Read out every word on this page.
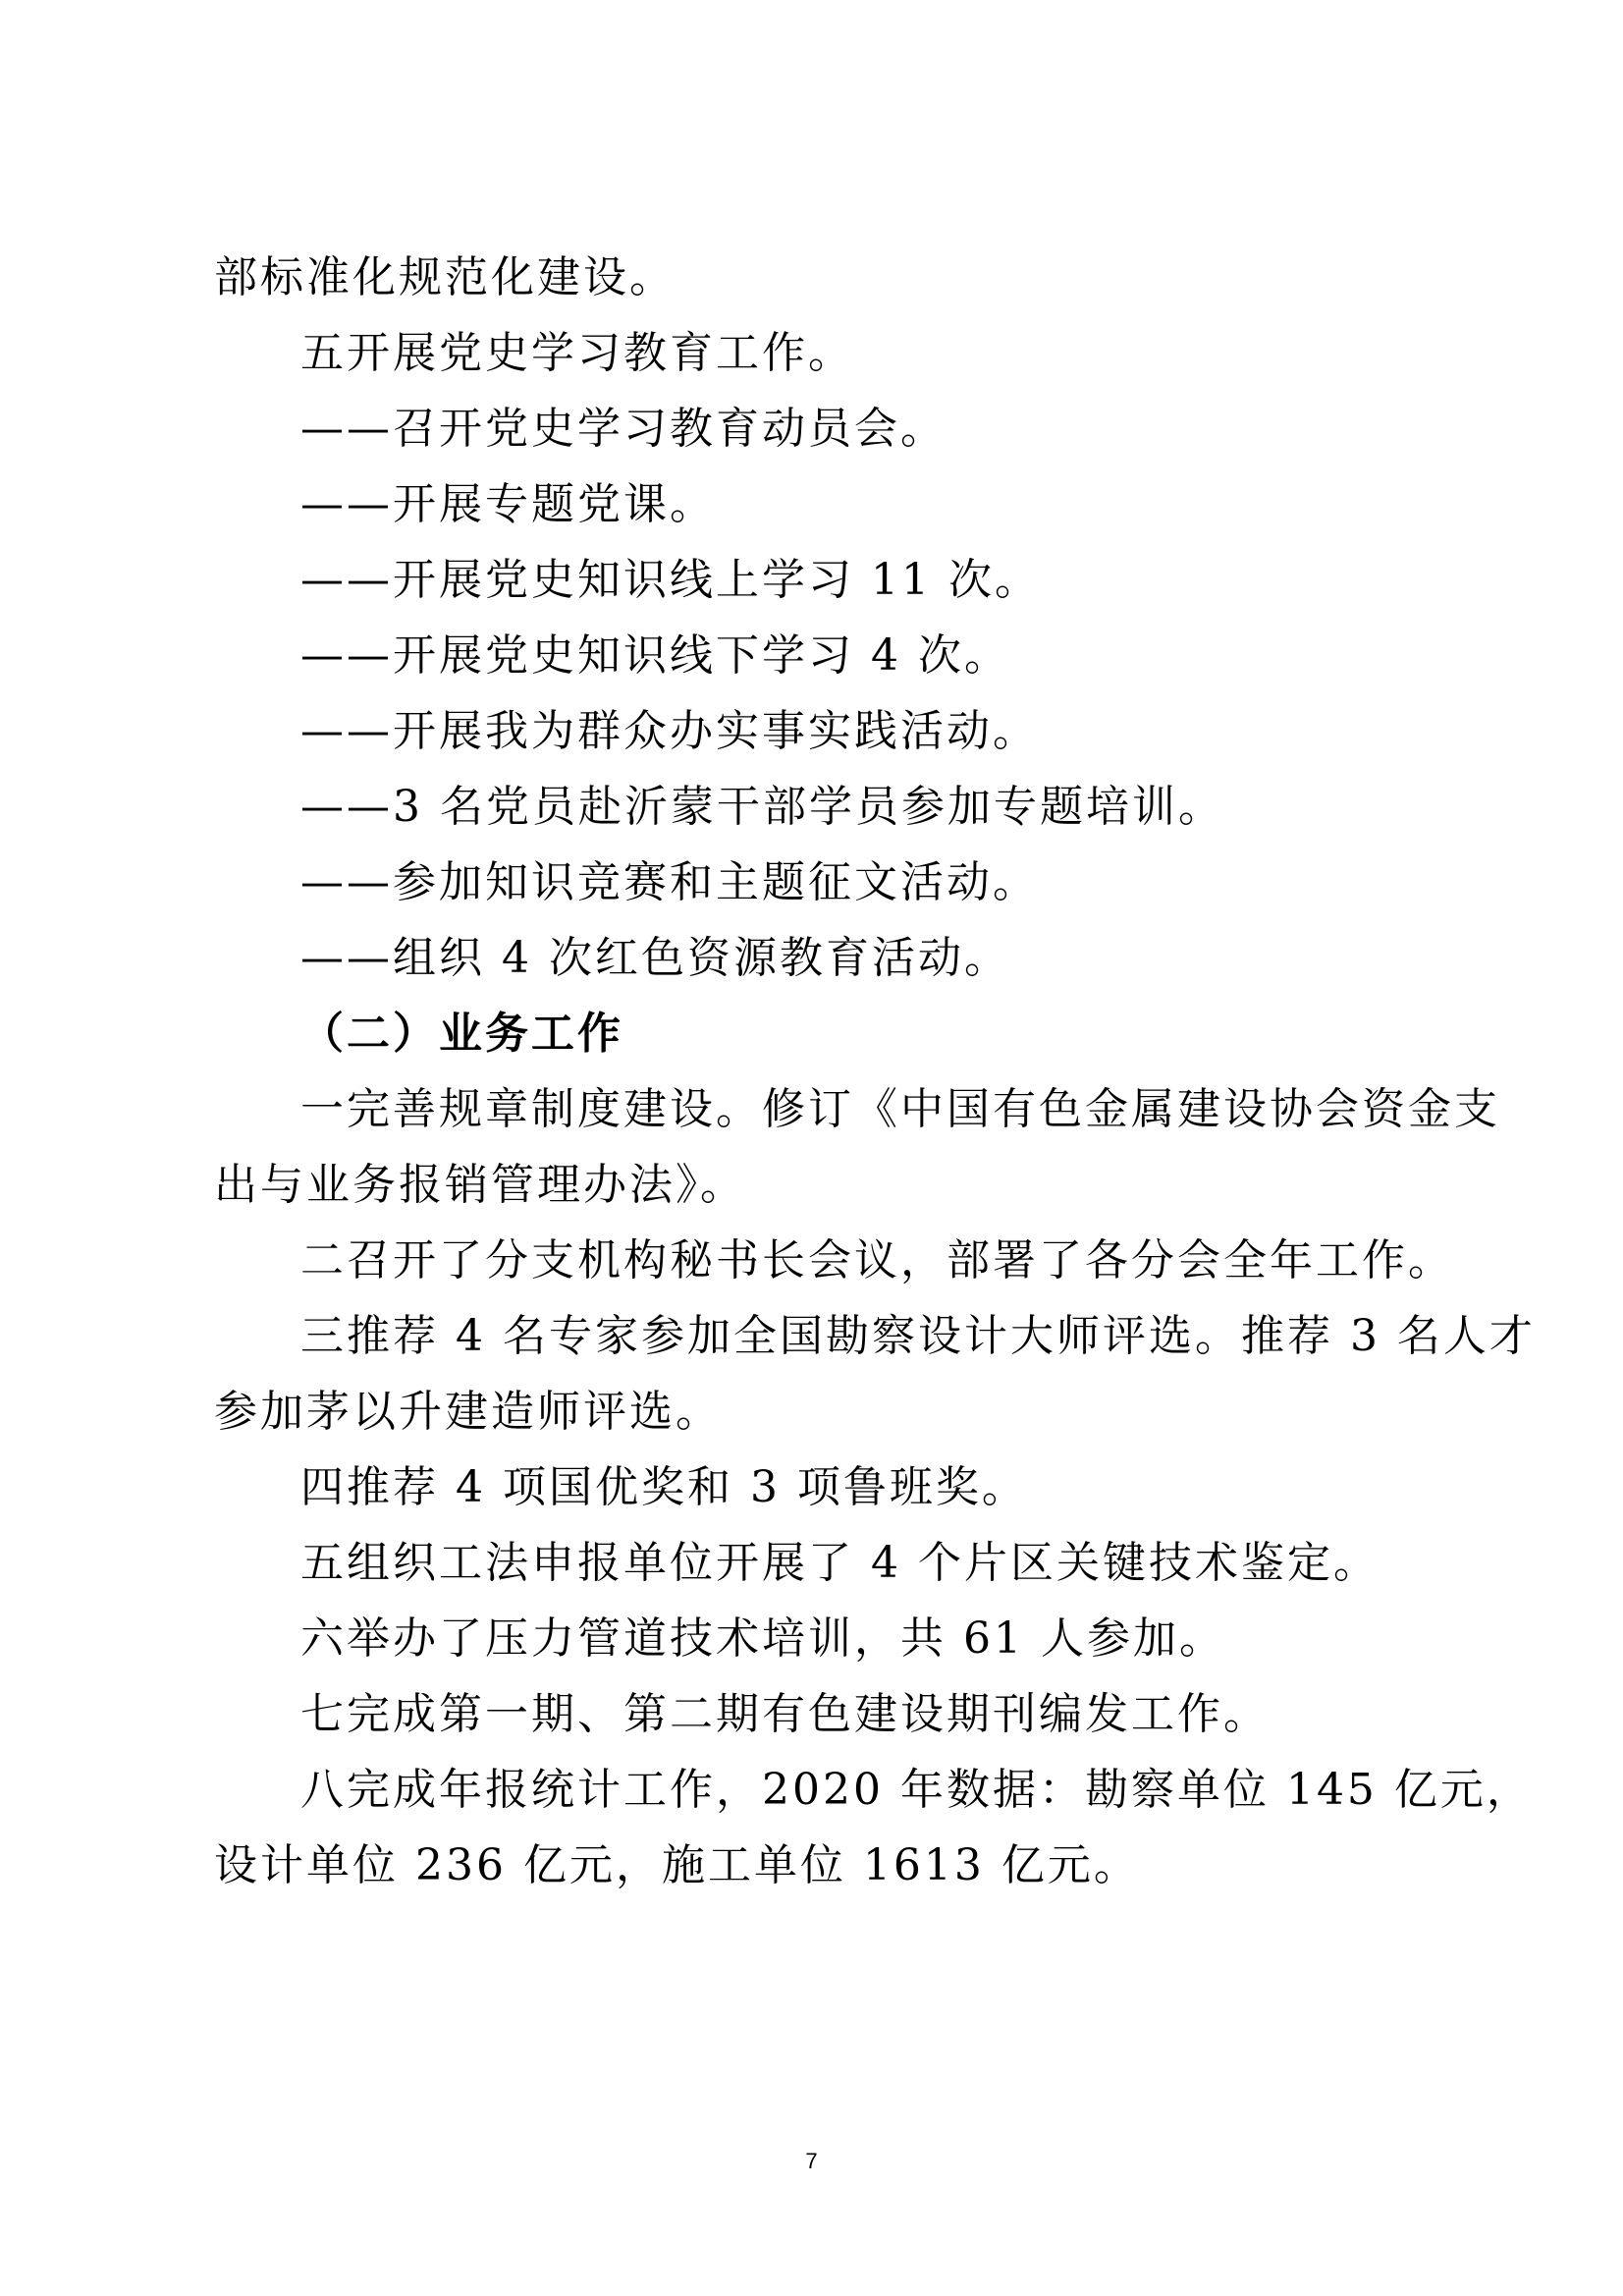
部标准化规范化建设。
五开展党史学习教育工作。
——召开党史学习教育动员会。
——开展专题党课。
——开展党史知识线上学习 11 次。
——开展党史知识线下学习 4 次。
——开展我为群众办实事实践活动。
——3 名党员赴沂蒙干部学员参加专题培训。
——参加知识竞赛和主题征文活动。
——组织 4 次红色资源教育活动。
（二）业务工作
一完善规章制度建设。修订《中国有色金属建设协会资金支
出与业务报销管理办法》。
二召开了分支机构秘书长会议，部署了各分会全年工作。
三推荐 4 名专家参加全国勘察设计大师评选。推荐 3 名人才
参加茅以升建造师评选。
四推荐 4 项国优奖和 3 项鲁班奖。
五组织工法申报单位开展了 4 个片区关键技术鉴定。
六举办了压力管道技术培训，共 61 人参加。
七完成第一期、第二期有色建设期刊编发工作。
八完成年报统计工作，2020 年数据：勘察单位 145 亿元，
设计单位 236 亿元，施工单位 1613 亿元。
7
